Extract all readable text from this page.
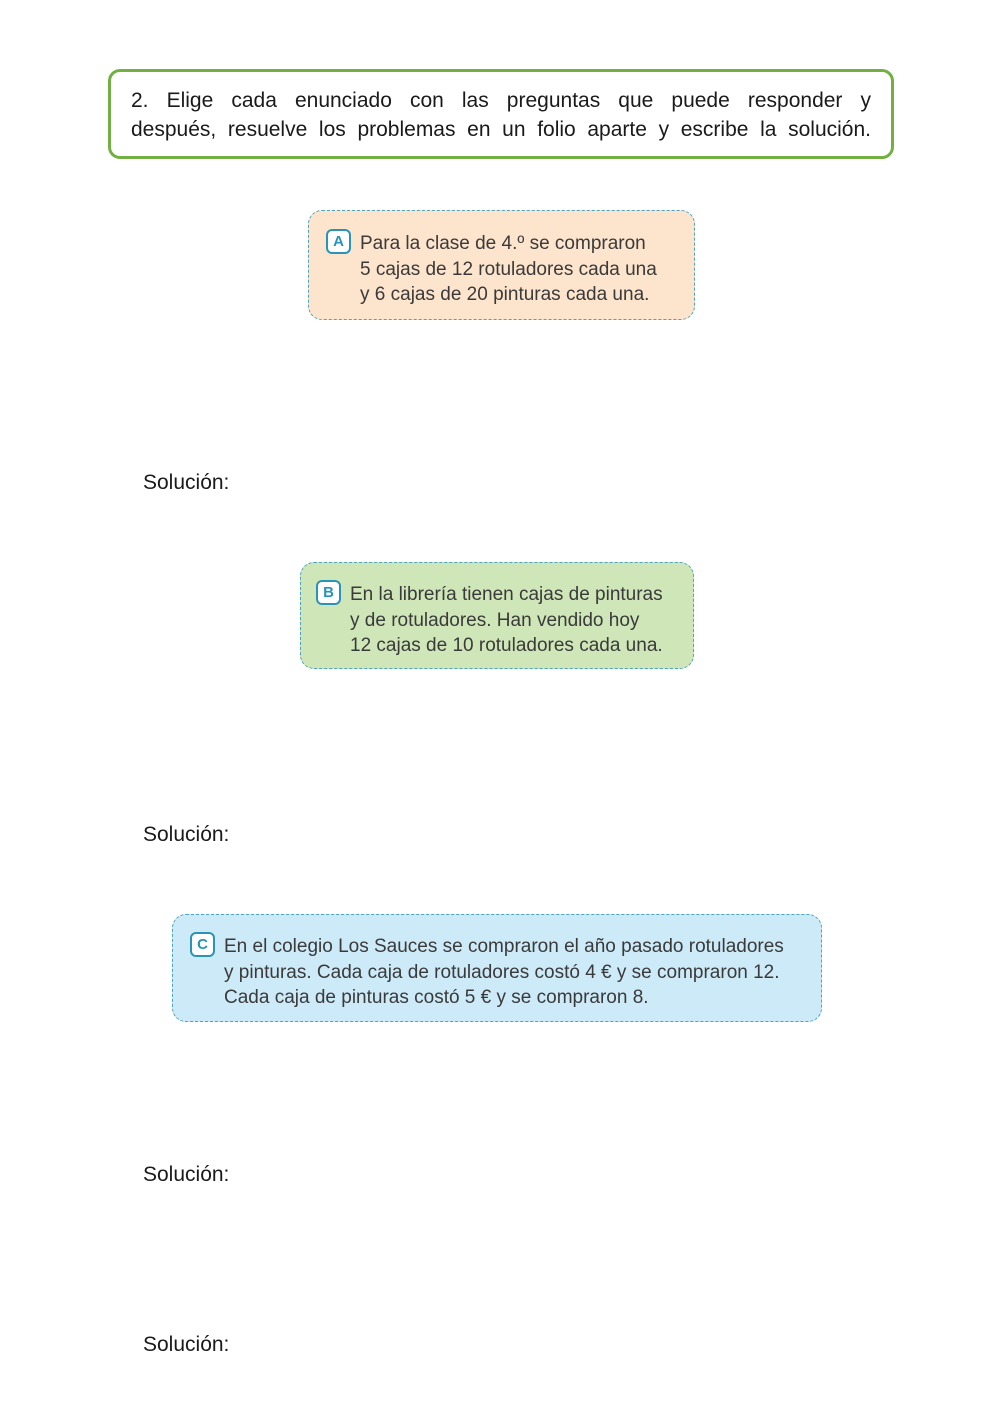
2. Elige cada enunciado con las preguntas que puede responder y
después, resuelve los problemas en un folio aparte y escribe la solución.
A Para la clase de 4.º se compraron
5 cajas de 12 rotuladores cada una
y 6 cajas de 20 pinturas cada una.
Solución:
B En la librería tienen cajas de pinturas
y de rotuladores. Han vendido hoy
12 cajas de 10 rotuladores cada una.
Solución:
C En el colegio Los Sauces se compraron el año pasado rotuladores
y pinturas. Cada caja de rotuladores costó 4 € y se compraron 12.
Cada caja de pinturas costó 5 € y se compraron 8.
Solución:
Solución:
